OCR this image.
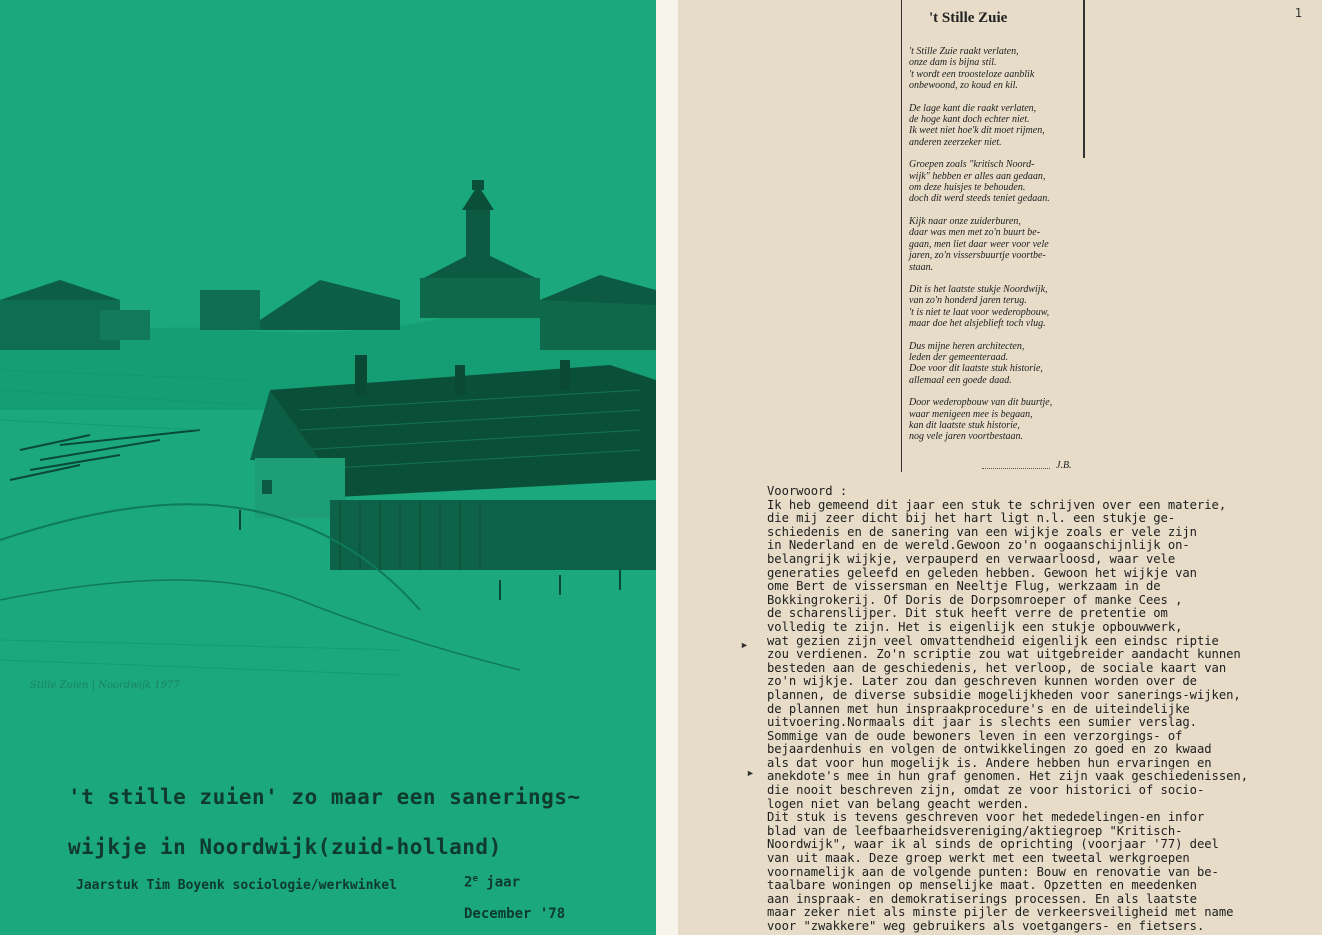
Stille Zuien | Noordwijk 1977
't stille zuien' zo maar een sanerings~
wijkje in Noordwijk(zuid-holland)
Jaarstuk Tim Boyenk sociologie/werkwinkel	2e jaar
December '78
1
't Stille Zuie
't Stille Zuie raakt verlaten,
onze dam is bijna stil.
't wordt een troosteloze aanblik
onbewoond, zo koud en kil.
De lage kant die raakt verlaten,
de hoge kant doch echter niet.
Ik weet niet hoe'k dit moet rijmen,
anderen zeerzeker niet.
Groepen zoals "kritisch Noord-
wijk" hebben er alles aan gedaan,
om deze huisjes te behouden.
doch dit werd steeds teniet gedaan.
Kijk naar onze zuiderburen,
daar was men met zo'n buurt be-
gaan, men liet daar weer voor vele
jaren, zo'n vissersbuurtje voortbe-
staan.
Dit is het laatste stukje Noordwijk,
van zo'n honderd jaren terug.
't is niet te laat voor wederopbouw,
maar doe het alsjeblieft toch vlug.
Dus mijne heren architecten,
leden der gemeenteraad.
Doe voor dit laatste stuk historie,
allemaal een goede daad.
Door wederopbouw van dit buurtje,
waar menigeen mee is begaan,
kan dit laatste stuk historie,
nog vele jaren voortbestaan.
J.B.
Voorwoord :
Ik heb gemeend dit jaar een stuk te schrijven over een materie,
die mij zeer dicht bij het hart ligt n.l. een stukje ge-
schiedenis en de sanering van een wijkje zoals er vele zijn
in Nederland en de wereld.Gewoon zo'n oogaanschijnlijk on-
belangrijk wijkje, verpauperd en verwaarloosd, waar vele
generaties geleefd en geleden hebben. Gewoon het wijkje van
ome Bert de vissersman en Neeltje Flug, werkzaam in de
Bokkingrokerij. Of Doris de Dorpsomroeper of manke Cees ,
de scharenslijper. Dit stuk heeft verre de pretentie om
volledig te zijn. Het is eigenlijk een stukje opbouwwerk,
wat gezien zijn veel omvattendheid eigenlijk een eindsc riptie
zou verdienen. Zo'n scriptie zou wat uitgebreider aandacht kunnen
besteden aan de geschiedenis, het verloop, de sociale kaart van
zo'n wijkje. Later zou dan geschreven kunnen worden over de
plannen, de diverse subsidie mogelijkheden voor sanerings-wijken,
de plannen met hun inspraakprocedure's en de uiteindelijke
uitvoering.Normaals dit jaar is slechts een sumier verslag.
Sommige van de oude bewoners leven in een verzorgings- of
bejaardenhuis en volgen de ontwikkelingen zo goed en zo kwaad
als dat voor hun mogelijk is. Andere hebben hun ervaringen en
anekdote's mee in hun graf genomen. Het zijn vaak geschiedenissen,
die nooit beschreven zijn, omdat ze voor historici of socio-
logen niet van belang geacht werden.
Dit stuk is tevens geschreven voor het mededelingen-en infor
blad van de leefbaarheidsvereniging/aktiegroep "Kritisch-
Noordwijk", waar ik al sinds de oprichting (voorjaar '77) deel
van uit maak. Deze groep werkt met een tweetal werkgroepen
voornamelijk aan de volgende punten: Bouw en renovatie van be-
taalbare woningen op menselijke maat. Opzetten en meedenken
aan inspraak- en demokratiserings processen. En als laatste
maar zeker niet als minste pijler de verkeersveiligheid met name
voor "zwakkere" weg gebruikers als voetgangers- en fietsers.
►
►
